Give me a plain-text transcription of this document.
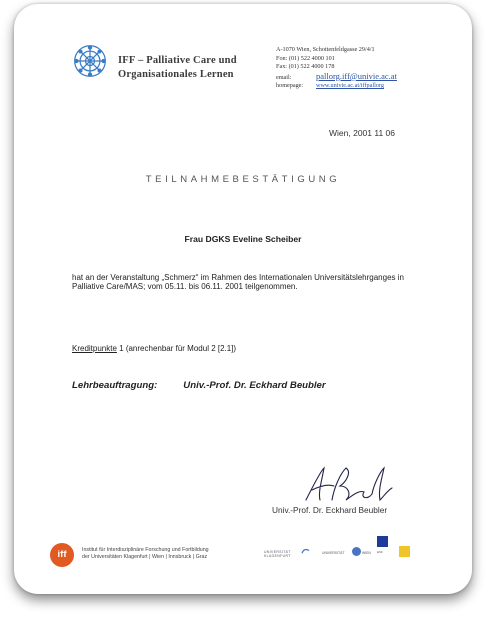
IFF – Palliative Care und
Organisationales Lernen
A-1070 Wien, Schottenfeldgasse 29/4/1
Fon: (01) 522 4000 101
Fax: (01) 522 4000 178
email:	pallorg.iff@univie.ac.at
homepage: www.univie.ac.at/iffpallorg
Wien, 2001 11 06
TEILNAHMEBESTÄTIGUNG
Frau DGKS Eveline Scheiber
hat an der Veranstaltung „Schmerz“ im Rahmen des Internationalen Universitätslehrganges in Palliative Care/MAS; vom 05.11. bis 06.11. 2001 teilgenommen.
Kreditpunkte 1 (anrechenbar für Modul 2 [2.1])
Lehrbeauftragung:	Univ.-Prof. Dr. Eckhard Beubler
Univ.-Prof. Dr. Eckhard Beubler
iff	Institut für Interdisziplinäre Forschung und Fortbildung
der Universitäten Klagenfurt | Wien | Innsbruck | Graz
UNIVERSITÄT
KLAGENFURT
UNIVERSITÄT	WIEN ESF
